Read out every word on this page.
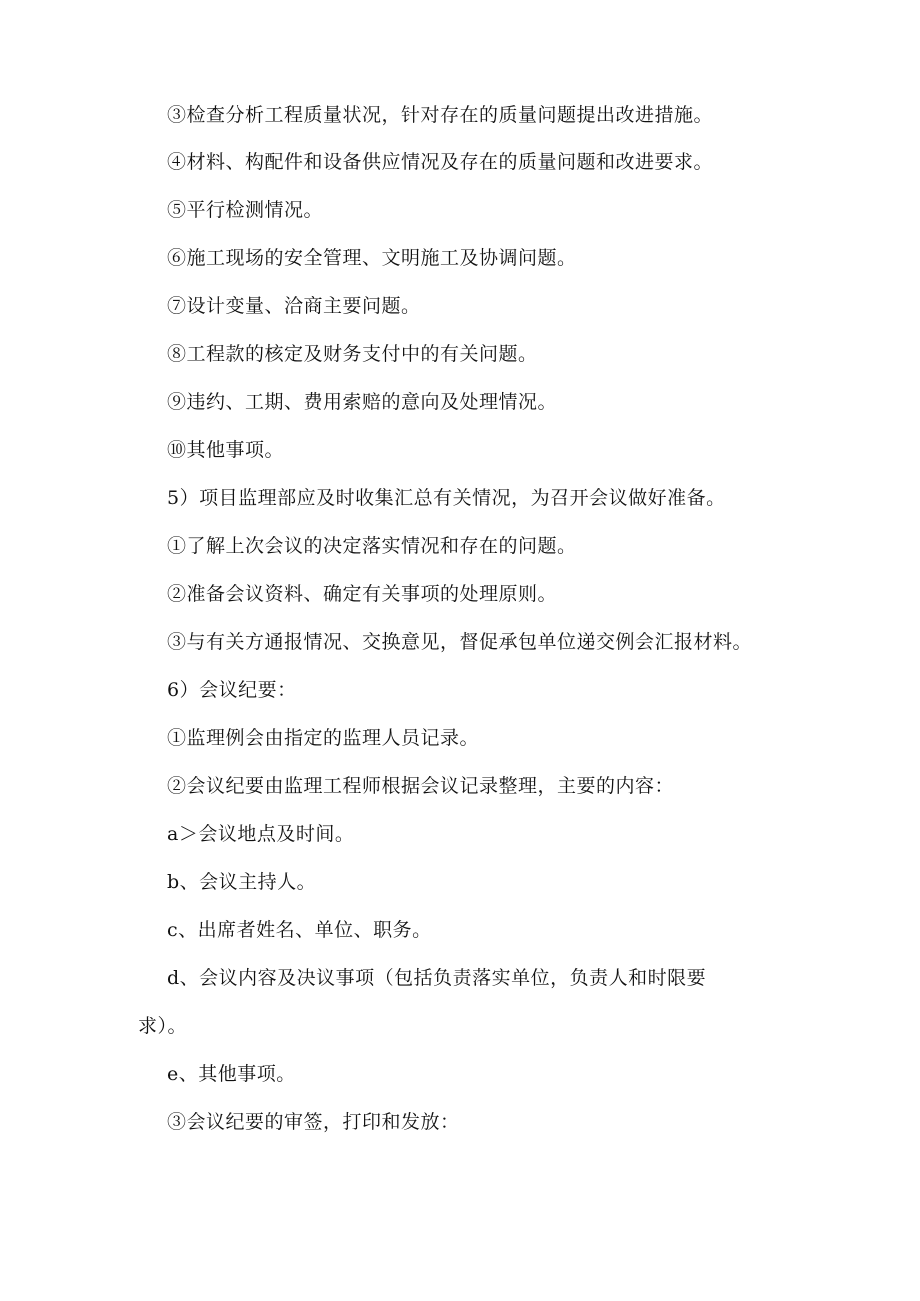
③检查分析工程质量状况，针对存在的质量问题提出改进措施。

④材料、构配件和设备供应情况及存在的质量问题和改进要求。

⑤平行检测情况。

⑥施工现场的安全管理、文明施工及协调问题。

⑦设计变量、洽商主要问题。

⑧工程款的核定及财务支付中的有关问题。

⑨违约、工期、费用索赔的意向及处理情况。

⑩其他事项。

5）项目监理部应及时收集汇总有关情况，为召开会议做好准备。

①了解上次会议的决定落实情况和存在的问题。

②准备会议资料、确定有关事项的处理原则。

③与有关方通报情况、交换意见，督促承包单位递交例会汇报材料。

6）会议纪要：

①监理例会由指定的监理人员记录。

②会议纪要由监理工程师根据会议记录整理，主要的内容：

a＞会议地点及时间。

b、会议主持人。

c、出席者姓名、单位、职务。

d、会议内容及决议事项（包括负责落实单位，负责人和时限要

求）。

e、其他事项。

③会议纪要的审签，打印和发放：
